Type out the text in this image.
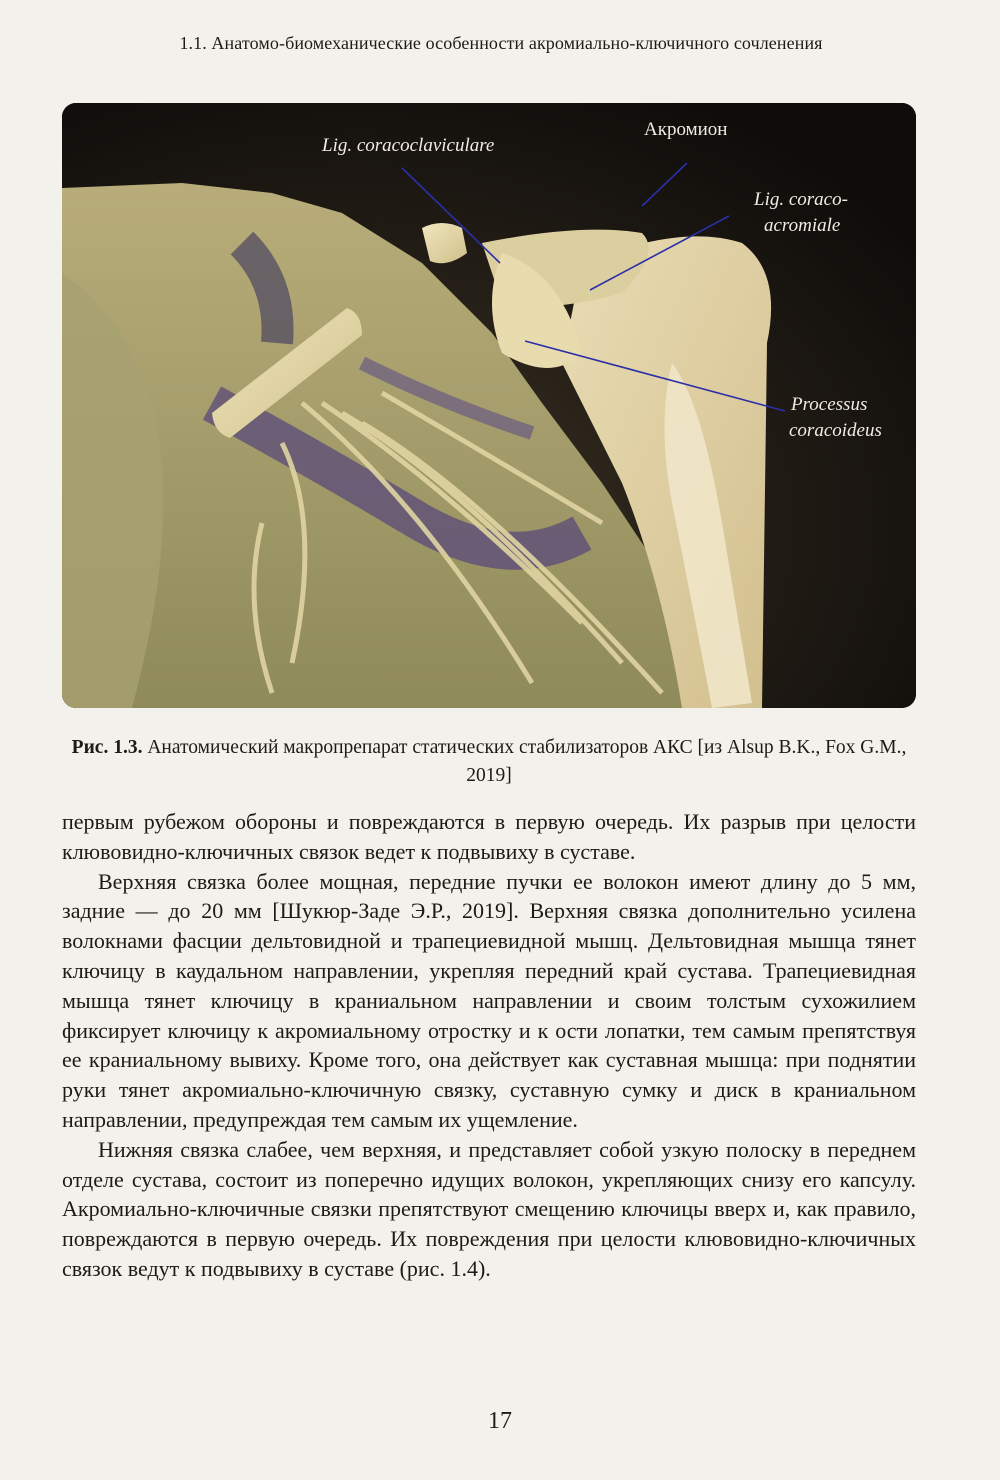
1.1. Анатомо-биомеханические особенности акромиально-ключичного сочленения
Lig. coracoclaviculare
Акромион
Lig. coraco-
acromiale
Processus
coracoideus
Рис. 1.3. Анатомический макропрепарат статических стабилизаторов АКС [из Alsup B.K., Fox G.M., 2019]

первым рубежом обороны и повреждаются в первую очередь. Их разрыв при целости клювовидно-ключичных связок ведет к подвывиху в суставе.

Верхняя связка более мощная, передние пучки ее волокон имеют длину до 5 мм, задние — до 20 мм [Шукюр-Заде Э.Р., 2019]. Верхняя связка дополнительно усилена волокнами фасции дельтовидной и трапециевидной мышц. Дельтовидная мышца тянет ключицу в каудальном направлении, укрепляя передний край сустава. Трапециевидная мышца тянет ключицу в краниальном направлении и своим толстым сухожилием фиксирует ключицу к акромиальному отростку и к ости лопатки, тем самым препятствуя ее краниальному вывиху. Кроме того, она действует как суставная мышца: при поднятии руки тянет акромиально-ключичную связку, суставную сумку и диск в краниальном направлении, предупреждая тем самым их ущемление.

Нижняя связка слабее, чем верхняя, и представляет собой узкую полоску в переднем отделе сустава, состоит из поперечно идущих волокон, укрепляющих снизу его капсулу. Акромиально-ключичные связки препятствуют смещению ключицы вверх и, как правило, повреждаются в первую очередь. Их повреждения при целости клювовидно-ключичных связок ведут к подвывиху в суставе (рис. 1.4).

17
